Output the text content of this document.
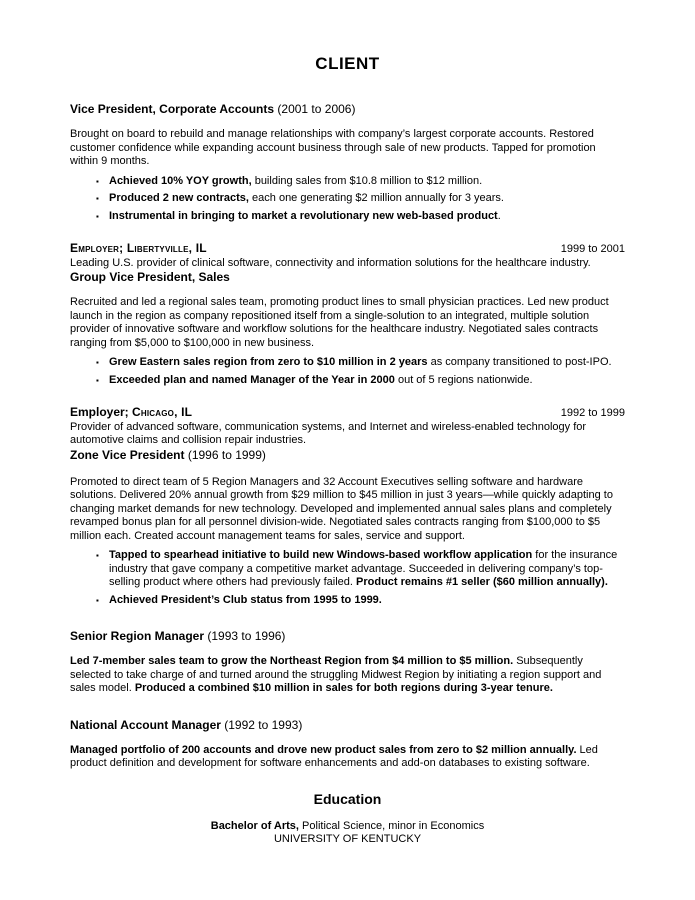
CLIENT

Vice President, Corporate Accounts (2001 to 2006)

Brought on board to rebuild and manage relationships with company’s largest corporate accounts. Restored customer confidence while expanding account business through sale of new products. Tapped for promotion within 9 months.

▪ Achieved 10% YOY growth, building sales from $10.8 million to $12 million.
▪ Produced 2 new contracts, each one generating $2 million annually for 3 years.
▪ Instrumental in bringing to market a revolutionary new web-based product.
Employer; Libertyville, IL	1999 to 2001

Leading U.S. provider of clinical software, connectivity and information solutions for the healthcare industry.

Group Vice President, Sales

Recruited and led a regional sales team, promoting product lines to small physician practices. Led new product launch in the region as company repositioned itself from a single-solution to an integrated, multiple solution provider of innovative software and workflow solutions for the healthcare industry. Negotiated sales contracts ranging from $5,000 to $100,000 in new business.

▪ Grew Eastern sales region from zero to $10 million in 2 years as company transitioned to post-IPO.
▪ Exceeded plan and named Manager of the Year in 2000 out of 5 regions nationwide.
Employer; Chicago, IL	1992 to 1999

Provider of advanced software, communication systems, and Internet and wireless-enabled technology for automotive claims and collision repair industries.

Zone Vice President (1996 to 1999)

Promoted to direct team of 5 Region Managers and 32 Account Executives selling software and hardware solutions. Delivered 20% annual growth from $29 million to $45 million in just 3 years—while quickly adapting to changing market demands for new technology. Developed and implemented annual sales plans and completely revamped bonus plan for all personnel division-wide. Negotiated sales contracts ranging from $100,000 to $5 million each. Created account management teams for sales, service and support.

▪ Tapped to spearhead initiative to build new Windows-based workflow application for the insurance industry that gave company a competitive market advantage. Succeeded in delivering company’s top-selling product where others had previously failed. Product remains #1 seller ($60 million annually).
▪ Achieved President’s Club status from 1995 to 1999.

Senior Region Manager (1993 to 1996)

Led 7-member sales team to grow the Northeast Region from $4 million to $5 million. Subsequently selected to take charge of and turned around the struggling Midwest Region by initiating a region support and sales model. Produced a combined $10 million in sales for both regions during 3-year tenure.

National Account Manager (1992 to 1993)

Managed portfolio of 200 accounts and drove new product sales from zero to $2 million annually. Led product definition and development for software enhancements and add-on databases to existing software.

Education

Bachelor of Arts, Political Science, minor in Economics

UNIVERSITY OF KENTUCKY
